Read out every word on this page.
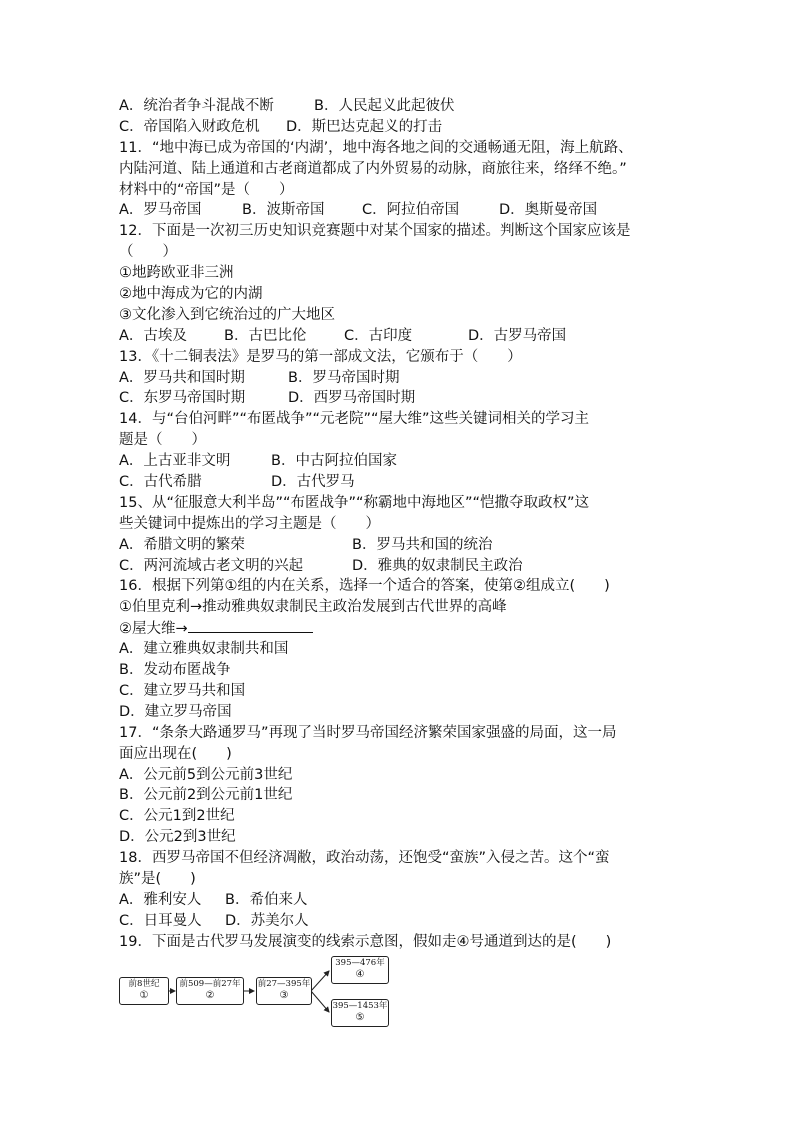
A．统治者争斗混战不断	B．人民起义此起彼伏
C．帝国陷入财政危机 D．斯巴达克起义的打击
11．“地中海已成为帝国的‘内湖’，地中海各地之间的交通畅通无阻，海上航路、
内陆河道、陆上通道和古老商道都成了内外贸易的动脉，商旅往来，络绎不绝。”
材料中的“帝国”是（　　）
A．罗马帝国	B．波斯帝国	C．阿拉伯帝国	D．奥斯曼帝国
12．下面是一次初三历史知识竞赛题中对某个国家的描述。判断这个国家应该是
（　　）
①地跨欧亚非三洲
②地中海成为它的内湖
③文化渗入到它统治过的广大地区
A．古埃及	B．古巴比伦	C．古印度	D．古罗马帝国
13．《十二铜表法》是罗马的第一部成文法，它颁布于（　　）
A．罗马共和国时期	B．罗马帝国时期
C．东罗马帝国时期	D．西罗马帝国时期
14．与“台伯河畔”“布匿战争”“元老院”“屋大维”这些关键词相关的学习主
题是（　　）
A．上古亚非文明	B．中古阿拉伯国家
C．古代希腊	D．古代罗马
15、从“征服意大利半岛”“布匿战争”“称霸地中海地区”“恺撒夺取政权”这
些关键词中提炼出的学习主题是（　　）
A．希腊文明的繁荣	B．罗马共和国的统治
C．两河流域古老文明的兴起	D．雅典的奴隶制民主政治
16．根据下列第①组的内在关系，选择一个适合的答案，使第②组成立(　　)
①伯里克利→推动雅典奴隶制民主政治发展到古代世界的高峰
②屋大维→
A．建立雅典奴隶制共和国
B．发动布匿战争
C．建立罗马共和国
D．建立罗马帝国
17．“条条大路通罗马”再现了当时罗马帝国经济繁荣国家强盛的局面，这一局
面应出现在(　　)
A．公元前5到公元前3世纪
B．公元前2到公元前1世纪
C．公元1到2世纪
D．公元2到3世纪
18．西罗马帝国不但经济凋敝，政治动荡，还饱受“蛮族”入侵之苦。这个“蛮
族”是(　　)
A．雅利安人 B．希伯来人
C．日耳曼人 D．苏美尔人
19．下面是古代罗马发展演变的线索示意图，假如走④号通道到达的是(　　)
前8世纪
①
前509—前27年
②
前27—395年
③
395—476年
④
395—1453年
⑤
